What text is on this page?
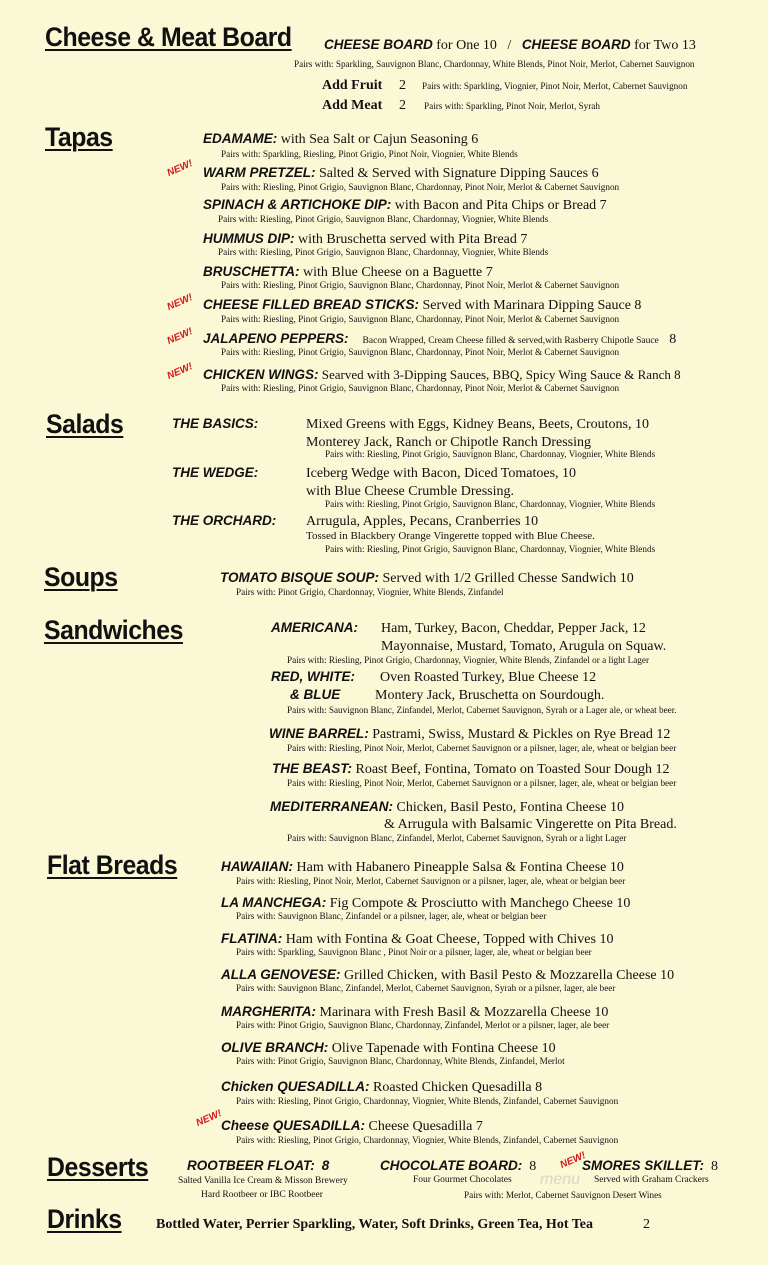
Cheese & Meat Board CHEESE BOARD for One 10 / CHEESE BOARD for Two 13
Pairs with: Sparkling, Sauvignon Blanc, Chardonnay, White Blends, Pinot Noir, Merlot, Cabernet Sauvignon
Add Fruit 2 Pairs with: Sparkling, Viognier, Pinot Noir, Merlot, Cabernet Sauvignon
Add Meat 2 Pairs with: Sparkling, Pinot Noir, Merlot, Syrah
Tapas	EDAMAME: with Sea Salt or Cajun Seasoning 6
Pairs with: Sparkling, Riesling, Pinot Grigio, Pinot Noir, Viognier, White Blends
NEW! WARM PRETZEL: Salted & Served with Signature Dipping Sauces 6
Pairs with: Riesling, Pinot Grigio, Sauvignon Blanc, Chardonnay, Pinot Noir, Merlot & Cabernet Sauvignon
SPINACH & ARTICHOKE DIP: with Bacon and Pita Chips or Bread 7
Pairs with: Riesling, Pinot Grigio, Sauvignon Blanc, Chardonnay, Viognier, White Blends
HUMMUS DIP: with Bruschetta served with Pita Bread 7
Pairs with: Riesling, Pinot Grigio, Sauvignon Blanc, Chardonnay, Viognier, White Blends
BRUSCHETTA: with Blue Cheese on a Baguette 7
Pairs with: Riesling, Pinot Grigio, Sauvignon Blanc, Chardonnay, Pinot Noir, Merlot & Cabernet Sauvignon
NEW! CHEESE FILLED BREAD STICKS: Served with Marinara Dipping Sauce 8
Pairs with: Riesling, Pinot Grigio, Sauvignon Blanc, Chardonnay, Pinot Noir, Merlot & Cabernet Sauvignon
NEW! JALAPENO PEPPERS: Bacon Wrapped, Cream Cheese filled & served,with Rasberry Chipotle Sauce 8
Pairs with: Riesling, Pinot Grigio, Sauvignon Blanc, Chardonnay, Pinot Noir, Merlot & Cabernet Sauvignon
NEW! CHICKEN WINGS: Searved with 3-Dipping Sauces, BBQ, Spicy Wing Sauce & Ranch 8
Pairs with: Riesling, Pinot Grigio, Sauvignon Blanc, Chardonnay, Pinot Noir, Merlot & Cabernet Sauvignon
Salads	THE BASICS:	Mixed Greens with Eggs, Kidney Beans, Beets, Croutons, 10
Monterey Jack, Ranch or Chipotle Ranch Dressing
Pairs with: Riesling, Pinot Grigio, Sauvignon Blanc, Chardonnay, Viognier, White Blends
THE WEDGE:	Iceberg Wedge with Bacon, Diced Tomatoes, 10
with Blue Cheese Crumble Dressing.
Pairs with: Riesling, Pinot Grigio, Sauvignon Blanc, Chardonnay, Viognier, White Blends
THE ORCHARD: Arrugula, Apples, Pecans, Cranberries 10
Tossed in Blackbery Orange Vingerette topped with Blue Cheese.
Pairs with: Riesling, Pinot Grigio, Sauvignon Blanc, Chardonnay, Viognier, White Blends
Soups	TOMATO BISQUE SOUP: Served with 1/2 Grilled Chesse Sandwich 10
Pairs with: Pinot Grigio, Chardonnay, Viognier, White Blends, Zinfandel
Sandwiches	AMERICANA: Ham, Turkey, Bacon, Cheddar, Pepper Jack, 12
Mayonnaise, Mustard, Tomato, Arugula on Squaw.
Pairs with: Riesling, Pinot Grigio, Chardonnay, Viognier, White Blends, Zinfandel or a light Lager
RED, WHITE:
& BLUE
Oven Roasted Turkey, Blue Cheese 12
Montery Jack, Bruschetta on Sourdough.
Pairs with: Sauvignon Blanc, Zinfandel, Merlot, Cabernet Sauvignon, Syrah or a Lager ale, or wheat beer.
WINE BARREL: Pastrami, Swiss, Mustard & Pickles on Rye Bread 12
Pairs with: Riesling, Pinot Noir, Merlot, Cabernet Sauvignon or a pilsner, lager, ale, wheat or belgian beer
THE BEAST: Roast Beef, Fontina, Tomato on Toasted Sour Dough 12
Pairs with: Riesling, Pinot Noir, Merlot, Cabernet Sauvignon or a pilsner, lager, ale, wheat or belgian beer
MEDITERRANEAN: Chicken, Basil Pesto, Fontina Cheese 10
& Arrugula with Balsamic Vingerette on Pita Bread.
Pairs with: Sauvignon Blanc, Zinfandel, Merlot, Cabernet Sauvignon, Syrah or a light Lager
Flat Breads	HAWAIIAN: Ham with Habanero Pineapple Salsa & Fontina Cheese 10
Pairs with: Riesling, Pinot Noir, Merlot, Cabernet Sauvignon or a pilsner, lager, ale, wheat or belgian beer
LA MANCHEGA: Fig Compote & Prosciutto with Manchego Cheese 10
Pairs with: Sauvignon Blanc, Zinfandel or a pilsner, lager, ale, wheat or belgian beer
FLATINA: Ham with Fontina & Goat Cheese, Topped with Chives 10
Pairs with: Sparkling, Sauvignon Blanc , Pinot Noir or a pilsner, lager, ale, wheat or belgian beer
ALLA GENOVESE: Grilled Chicken, with Basil Pesto & Mozzarella Cheese 10
Pairs with: Sauvignon Blanc, Zinfandel, Merlot, Cabernet Sauvignon, Syrah or a pilsner, lager, ale beer
MARGHERITA: Marinara with Fresh Basil & Mozzarella Cheese 10
Pairs with: Pinot Grigio, Sauvignon Blanc, Chardonnay, Zinfandel, Merlot or a pilsner, lager, ale beer
OLIVE BRANCH: Olive Tapenade with Fontina Cheese 10
Pairs with: Pinot Grigio, Sauvignon Blanc, Chardonnay, White Blends, Zinfandel, Merlot
Chicken QUESADILLA: Roasted Chicken Quesadilla 8
Pairs with: Riesling, Pinot Grigio, Chardonnay, Viognier, White Blends, Zinfandel, Cabernet Sauvignon
NEW!
Cheese QUESADILLA: Cheese Quesadilla 7
Pairs with: Riesling, Pinot Grigio, Chardonnay, Viognier, White Blends, Zinfandel, Cabernet Sauvignon
Desserts	ROOTBEER FLOAT: 8
Salted Vanilla Ice Cream & Misson Brewery
Hard Rootbeer or IBC Rootbeer
CHOCOLATE BOARD: 8
Four Gourmet Chocolates
NEW!
SMORES SKILLET: 8
Served with Graham Crackers
Pairs with: Merlot, Cabernet Sauvignon Desert Wines
menu
Drinks Bottled Water, Perrier Sparkling, Water, Soft Drinks, Green Tea, Hot Tea	2
